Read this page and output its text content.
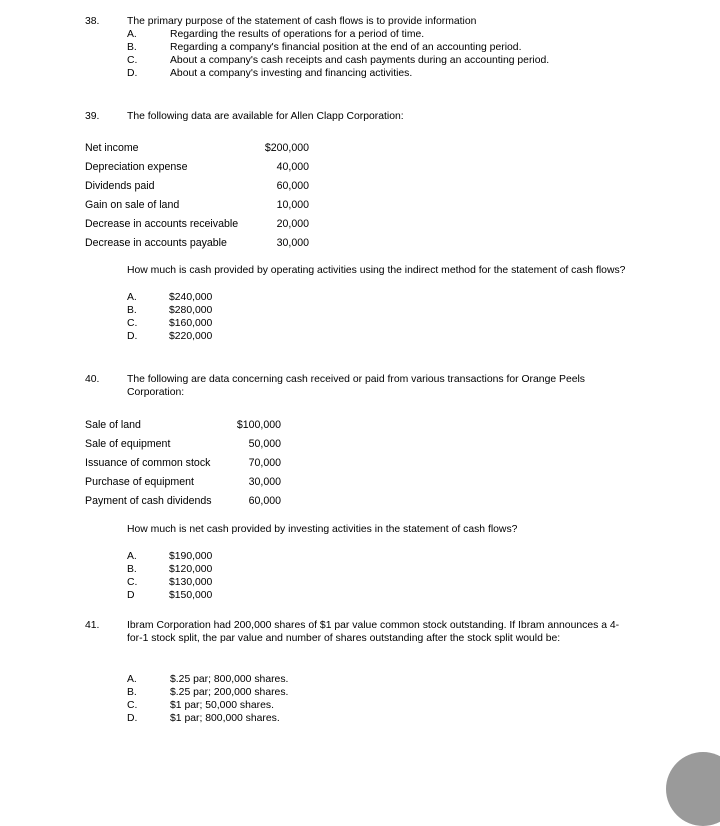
38.	The primary purpose of the statement of cash flows is to provide information
A.	Regarding the results of operations for a period of time.
B.	Regarding a company's financial position at the end of an accounting period.
C.	About a company's cash receipts and cash payments during an accounting period.
D.	About a company's investing and financing activities.
39.	The following data are available for Allen Clapp Corporation:
Net income	$200,000
Depreciation expense	40,000
Dividends paid	60,000
Gain on sale of land	10,000
Decrease in accounts receivable	20,000
Decrease in accounts payable	30,000
How much is cash provided by operating activities using the indirect method for the statement of cash flows?
A.	$240,000
B.	$280,000
C.	$160,000
D.	$220,000
40.	The following are data concerning cash received or paid from various transactions for Orange Peels Corporation:
Sale of land	$100,000
Sale of equipment	50,000
Issuance of common stock	70,000
Purchase of equipment	30,000
Payment of cash dividends	60,000
How much is net cash provided by investing activities in the statement of cash flows?
A.	$190,000
B.	$120,000
C.	$130,000
D	$150,000
41.	Ibram Corporation had 200,000 shares of $1 par value common stock outstanding. If Ibram announces a 4-for-1 stock split, the par value and number of shares outstanding after the stock split would be:
A.	$.25 par; 800,000 shares.
B.	$.25 par; 200,000 shares.
C.	$1 par; 50,000 shares.
D.	$1 par; 800,000 shares.
